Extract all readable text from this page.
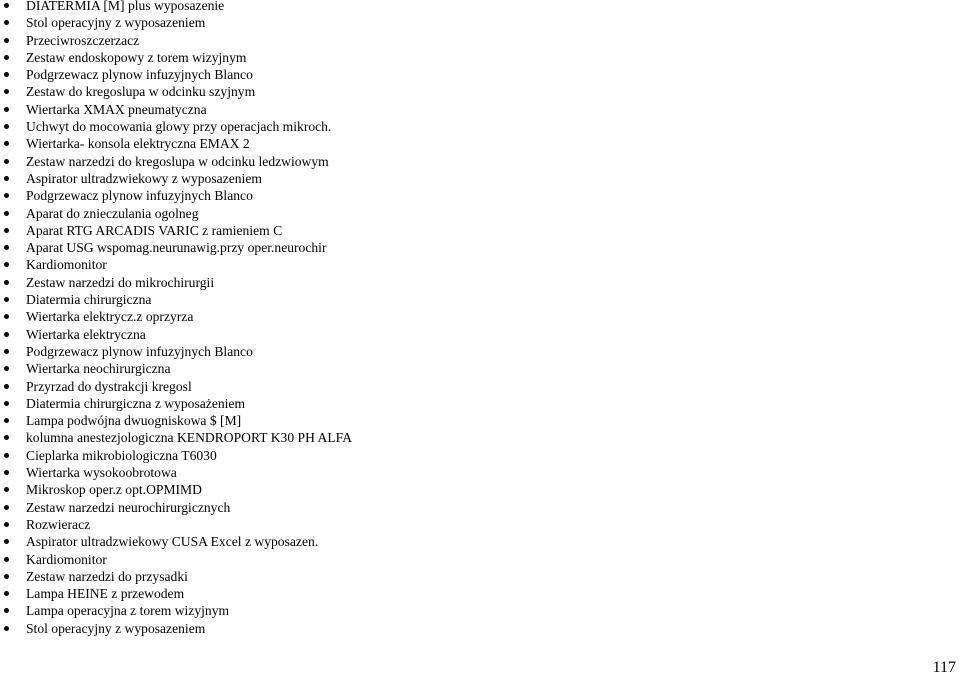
DIATERMIA [M] plus wyposazenie
Stol operacyjny z wyposazeniem
Przeciwroszczerzacz
Zestaw endoskopowy z torem wizyjnym
Podgrzewacz plynow infuzyjnych Blanco
Zestaw do kregoslupa w odcinku szyjnym
Wiertarka XMAX pneumatyczna
Uchwyt do mocowania glowy przy operacjach mikroch.
Wiertarka- konsola elektryczna EMAX 2
Zestaw narzedzi do kregoslupa w odcinku ledzwiowym
Aspirator ultradzwiekowy z wyposazeniem
Podgrzewacz plynow infuzyjnych Blanco
Aparat do znieczulania ogolneg
Aparat RTG ARCADIS VARIC z ramieniem C
Aparat USG wspomag.neurunawig.przy oper.neurochir
Kardiomonitor
Zestaw narzedzi do mikrochirurgii
Diatermia chirurgiczna
Wiertarka elektrycz.z oprzyrza
Wiertarka elektryczna
Podgrzewacz plynow infuzyjnych Blanco
Wiertarka neochirurgiczna
Przyrzad do dystrakcji kregosl
Diatermia chirurgiczna z wyposażeniem
Lampa podwójna dwuogniskowa $ [M]
kolumna anestezjologiczna KENDROPORT K30 PH ALFA
Cieplarka mikrobiologiczna T6030
Wiertarka wysokoobrotowa
Mikroskop oper.z opt.OPMIMD
Zestaw narzedzi neurochirurgicznych
Rozwieracz
Aspirator ultradzwiekowy CUSA Excel z wyposazen.
Kardiomonitor
Zestaw narzedzi do przysadki
Lampa HEINE z przewodem
Lampa operacyjna z torem wizyjnym
Stol operacyjny z wyposazeniem
117
